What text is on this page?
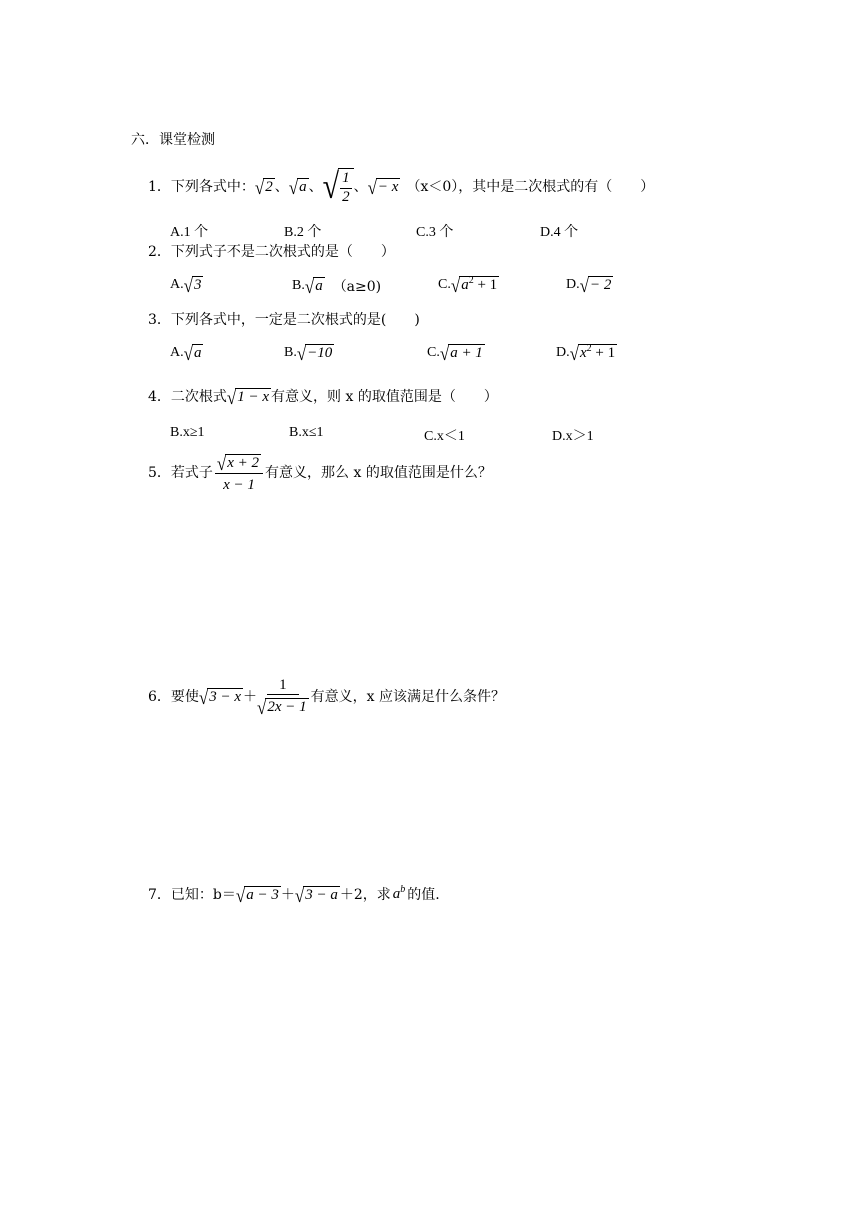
六．课堂检测
1． 下列各式中： √ 2 、 √ a 、 √ $\frac{1}{2}$ 、 √ − x （x＜0），其中是二次根式的有（　　）
A.1 个	B.2 个	C.3 个	D.4 个
2．下列式子不是二次根式的是（　　）
A. √ 3	B. √ a （a≥0)	C. √ $a^2 + 1$	D. √ − 2
3．下列各式中，一定是二次根式的是(　　)
A. √ a	B. √ −10	C. √ a + 1	D. √ $x^2 + 1$
4． 二次根式 √ 1 − x 有意义，则 x 的取值范围是（　　）
B.x≥1	B.x≤1	C.x＜1	D.x＞1
5． 若式子 $\frac{√ x + 2}{x - 1}$ 有意义，那么 x 的取值范围是什么？
6． 要使 √ $3 - x + \frac{1}{√ 2x - 1}$ 有意义，x 应该满足什么条件？
7． 已知：b＝ √ a − 3 ＋ √ 3 − a ＋2，求 $a^b$ 的值.
